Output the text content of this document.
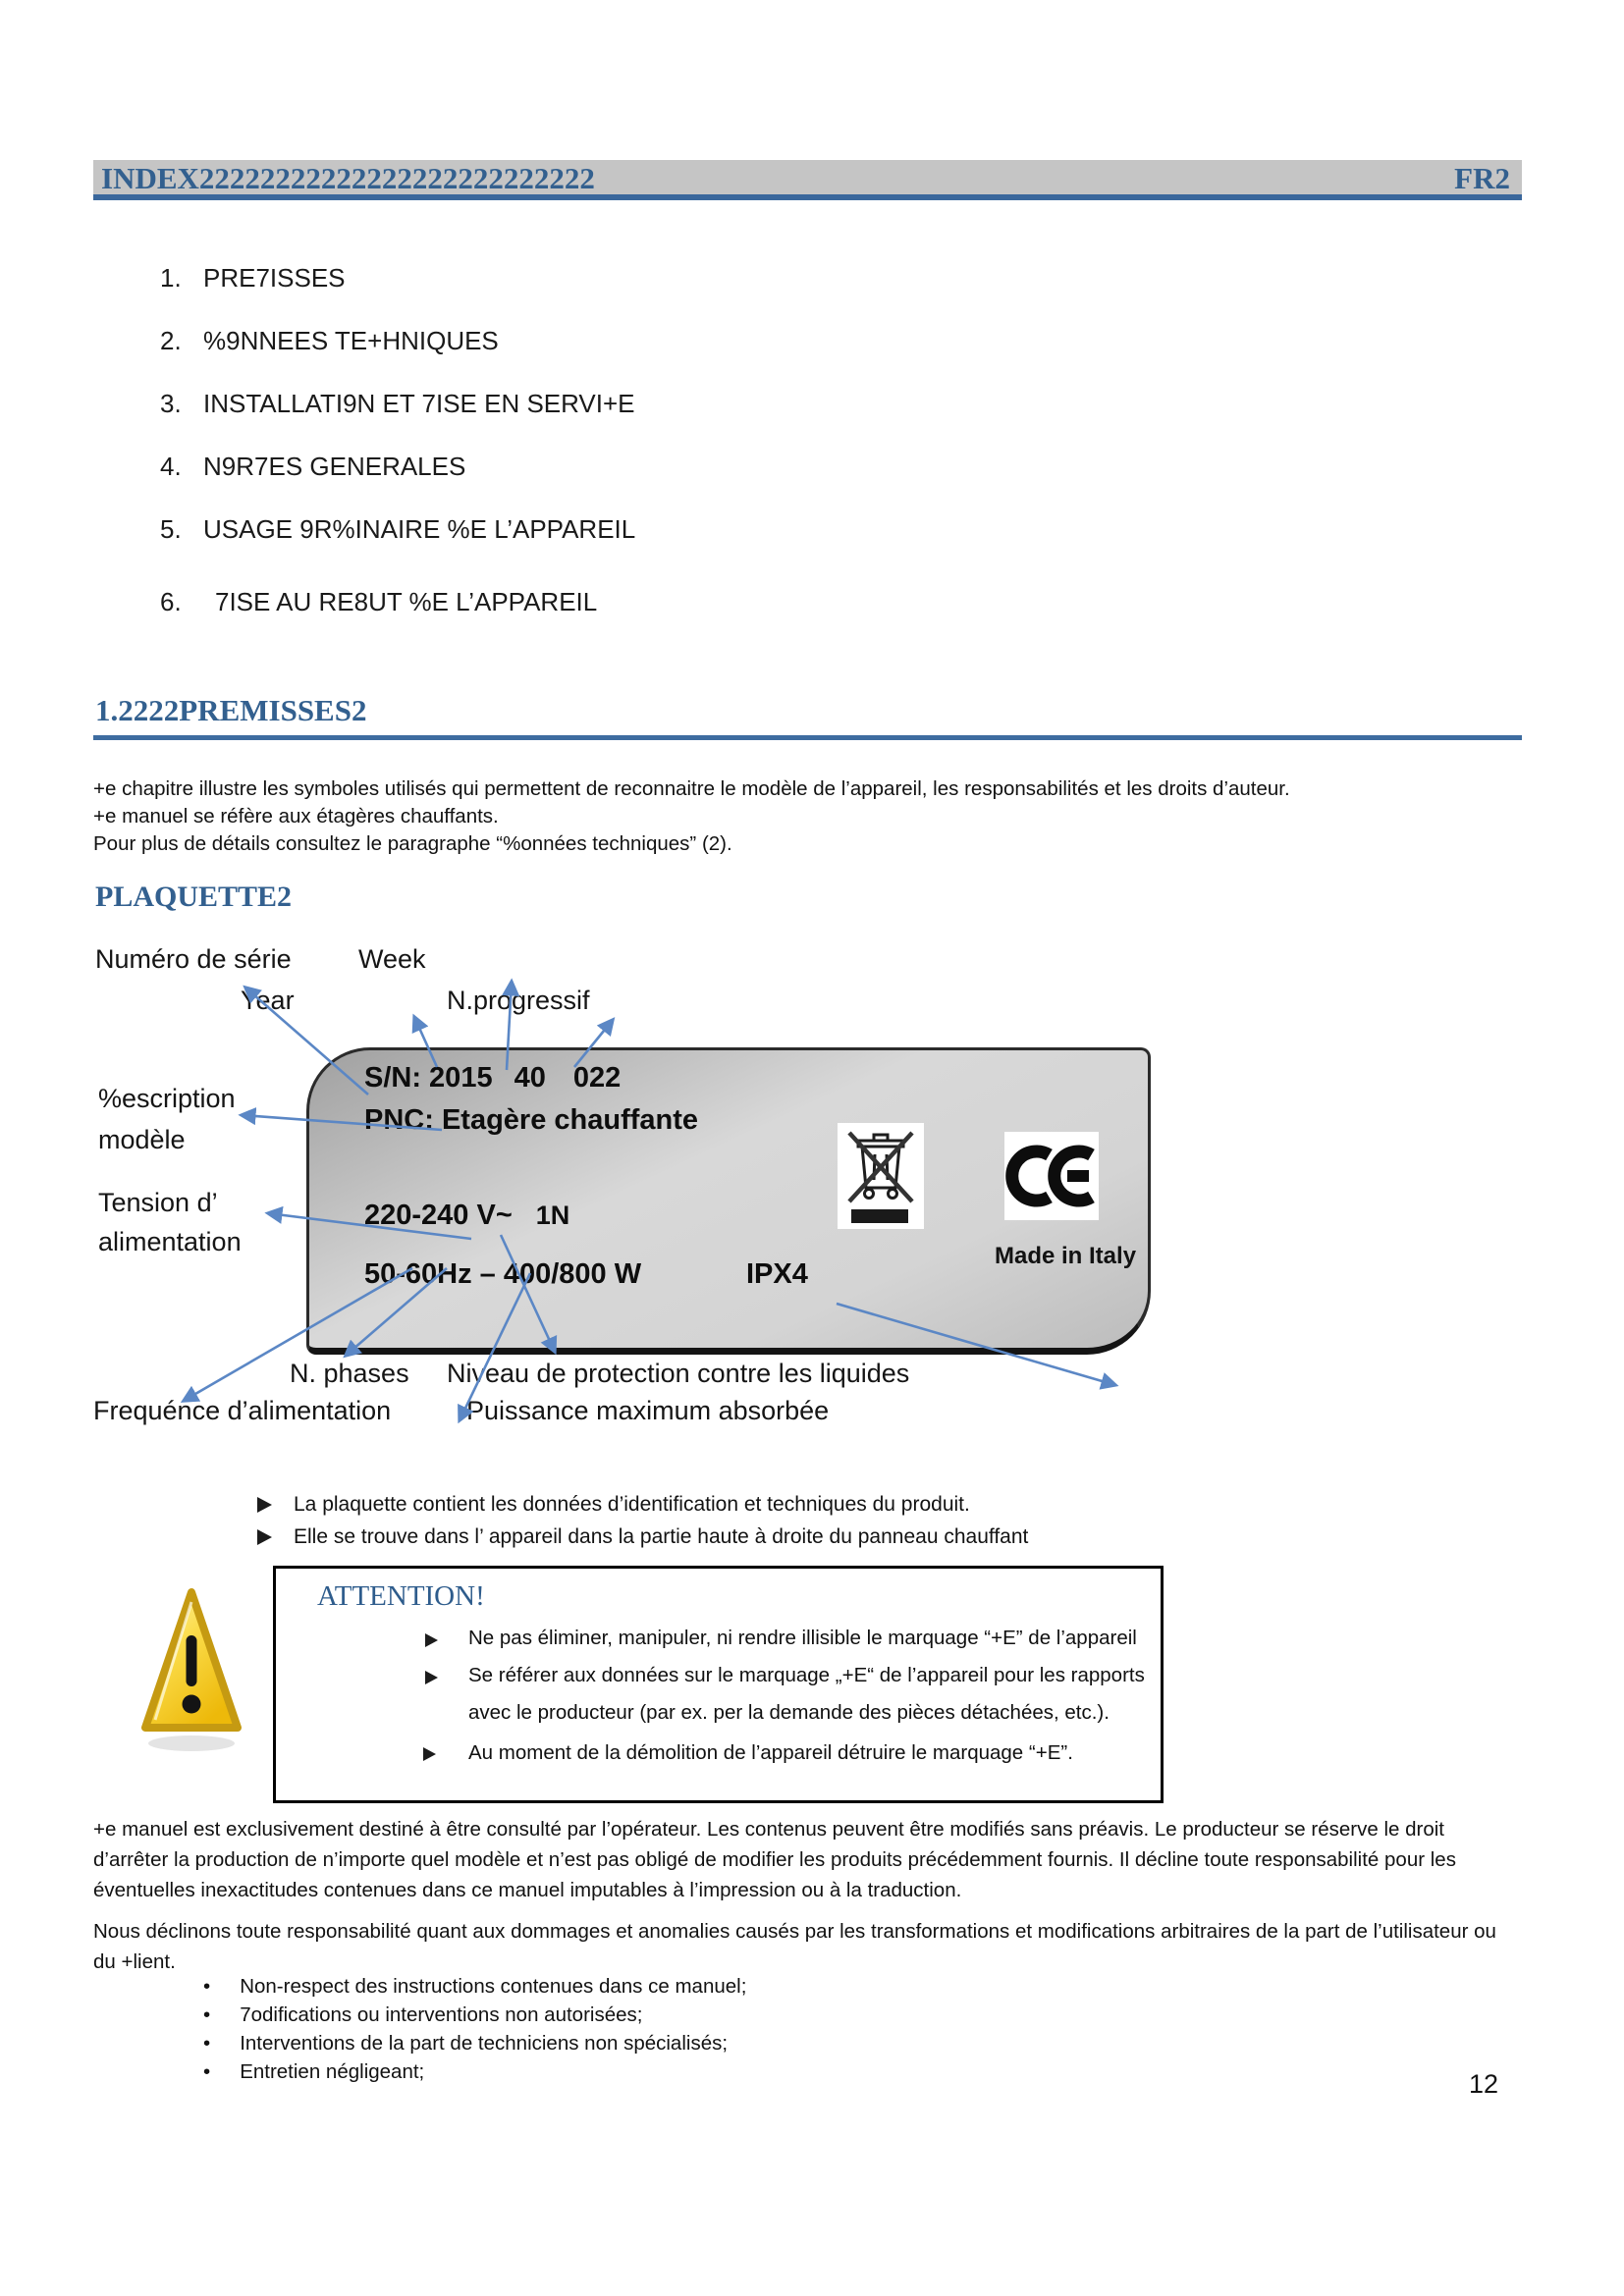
INDEX22222222222222222222222222	FR2
1. PRE7ISSES
2. %9NNEES TE+HNIQUES
3. INSTALLATI9N ET 7ISE EN SERVI+E
4. N9R7ES GENERALES
5. USAGE 9R%INAIRE %E L’APPAREIL
6.	7ISE AU RE8UT %E L’APPAREIL
1.2222PREMISSES2
+e chapitre illustre les symboles utilisés qui permettent de reconnaitre le modèle de l’appareil, les responsabilités et les droits d’auteur.
+e manuel se réfère aux étagères chauffants.
Pour plus de détails consultez le paragraphe “%onnées techniques” (2).
PLAQUETTE2
Numéro de série	Week
Year	N.progressif
%escription
modèle
Tension d’
alimentation
N. phases Niveau de protection contre les liquides
Frequénce d’alimentation	Puissance maximum absorbée
S/N: 2015 40 022
PNC: Etagère chauffante
220-240 V~ 1N
50-60Hz – 400/800 W	IPX4
Made in Italy
La plaquette contient les données d’identification et techniques du produit.
Elle se trouve dans l’ appareil dans la partie haute à droite du panneau chauffant
ATTENTION!
Ne pas éliminer, manipuler, ni rendre illisible le marquage “+E” de l’appareil
Se référer aux données sur le marquage „+E“ de l’appareil pour les rapports
avec le producteur (par ex. per la demande des pièces détachées, etc.).
Au moment de la démolition de l’appareil détruire le marquage “+E”.
+e manuel est exclusivement destiné à être consulté par l’opérateur. Les contenus peuvent être modifiés sans préavis. Le producteur se réserve le droit
d’arrêter la production de n’importe quel modèle et n’est pas obligé de modifier les produits précédemment fournis. Il décline toute responsabilité pour les
éventuelles inexactitudes contenues dans ce manuel imputables à l’impression ou à la traduction.
Nous déclinons toute responsabilité quant aux dommages et anomalies causés par les transformations et modifications arbitraires de la part de l’utilisateur ou
du +lient.
• Non-respect des instructions contenues dans ce manuel;
• 7odifications ou interventions non autorisées;
• Interventions de la part de techniciens non spécialisés;
• Entretien négligeant;	12
